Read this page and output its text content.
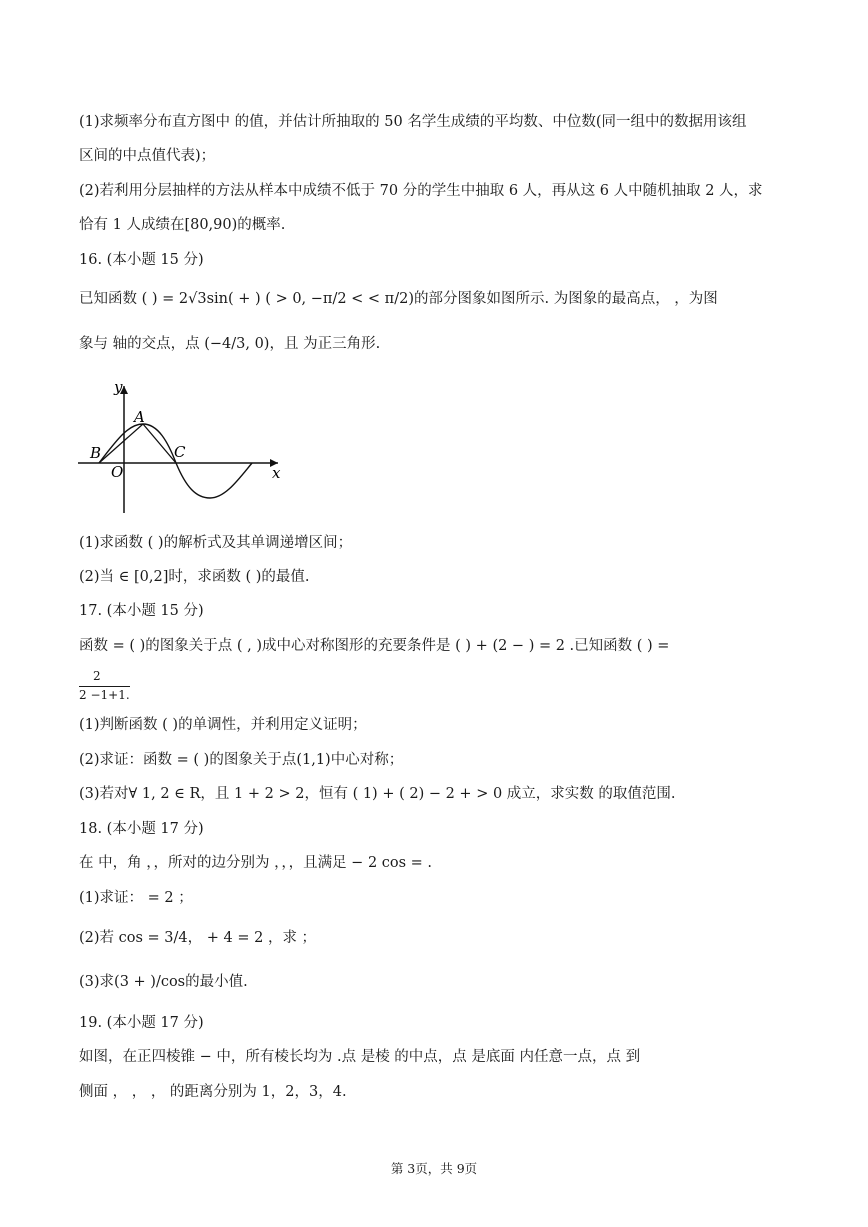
(1)求频率分布直方图中 的值，并估计所抽取的 50 名学生成绩的平均数、中位数(同一组中的数据用该组
区间的中点值代表)；
(2)若利用分层抽样的方法从样本中成绩不低于 70 分的学生中抽取 6 人，再从这 6 人中随机抽取 2 人，求
恰有 1 人成绩在[80,90)的概率.
16. (本小题 15 分)
已知函数 ( ) = 2√3sin( + ) ( > 0, −π/2 < < π/2)的部分图象如图所示. 为图象的最高点， ，为图
象与 轴的交点，点 (−4/3, 0)，且 为正三角形.
y
x
O
A
B	C
(1)求函数 ( )的解析式及其单调递增区间；
(2)当 ∈ [0,2]时，求函数 ( )的最值.
17. (本小题 15 分)
函数 = ( )的图象关于点 ( , )成中心对称图形的充要条件是 ( ) + (2 − ) = 2 .已知函数 ( ) =
2
2 −1+1.
(1)判断函数 ( )的单调性，并利用定义证明；
(2)求证：函数 = ( )的图象关于点(1,1)中心对称；
(3)若对∀ 1, 2 ∈ R，且 1 + 2 > 2，恒有 ( 1) + ( 2) − 2 + > 0 成立，求实数 的取值范围.
18. (本小题 17 分)
在 中，角 ，，所对的边分别为 ，，，且满足 − 2 cos = .
(1)求证： = 2 ；
(2)若 cos = 3/4， + 4 = 2 ，求 ；
(3)求(3 + )/cos的最小值.
19. (本小题 17 分)
如图，在正四棱锥 − 中，所有棱长均为 .点 是棱 的中点，点 是底面 内任意一点，点 到
侧面 ， ， ， 的距离分别为 1，2，3，4.
第 3页，共 9页
